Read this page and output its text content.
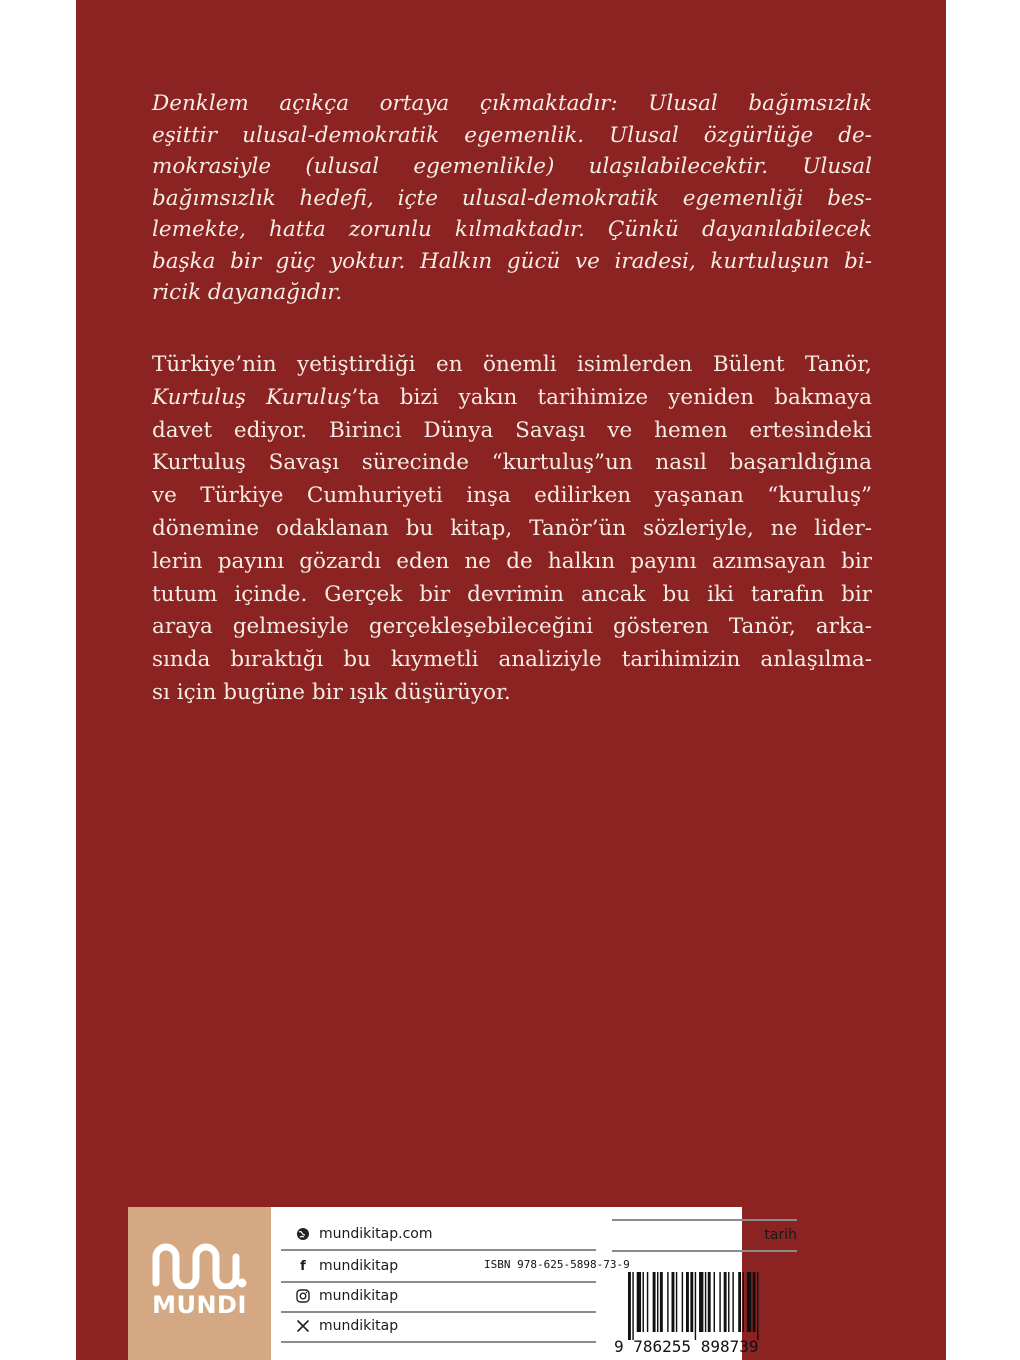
Denklem açıkça ortaya çıkmaktadır: Ulusal bağımsızlık
eşittir ulusal-demokratik egemenlik. Ulusal özgürlüğe de-
mokrasiyle (ulusal egemenlikle) ulaşılabilecektir. Ulusal
bağımsızlık hedefi, içte ulusal-demokratik egemenliği bes-
lemekte, hatta zorunlu kılmaktadır. Çünkü dayanılabilecek
başka bir güç yoktur. Halkın gücü ve iradesi, kurtuluşun bi-
ricik dayanağıdır.
Türkiye’nin yetiştirdiği en önemli isimlerden Bülent Tanör,
Kurtuluş Kuruluş’ta bizi yakın tarihimize yeniden bakmaya
davet ediyor. Birinci Dünya Savaşı ve hemen ertesindeki
Kurtuluş Savaşı sürecinde “kurtuluş”un nasıl başarıldığına
ve Türkiye Cumhuriyeti inşa edilirken yaşanan “kuruluş”
dönemine odaklanan bu kitap, Tanör’ün sözleriyle, ne lider-
lerin payını gözardı eden ne de halkın payını azımsayan bir
tutum içinde. Gerçek bir devrimin ancak bu iki tarafın bir
araya gelmesiyle gerçekleşebileceğini gösteren Tanör, arka-
sında bıraktığı bu kıymetli analiziyle tarihimizin anlaşılma-
sı için bugüne bir ışık düşürüyor.
MUNDI
mundikitap.com
f mundikitap
mundikitap
mundikitap
tarih
ISBN 978-625-5898-73-9
9 786255 898739
